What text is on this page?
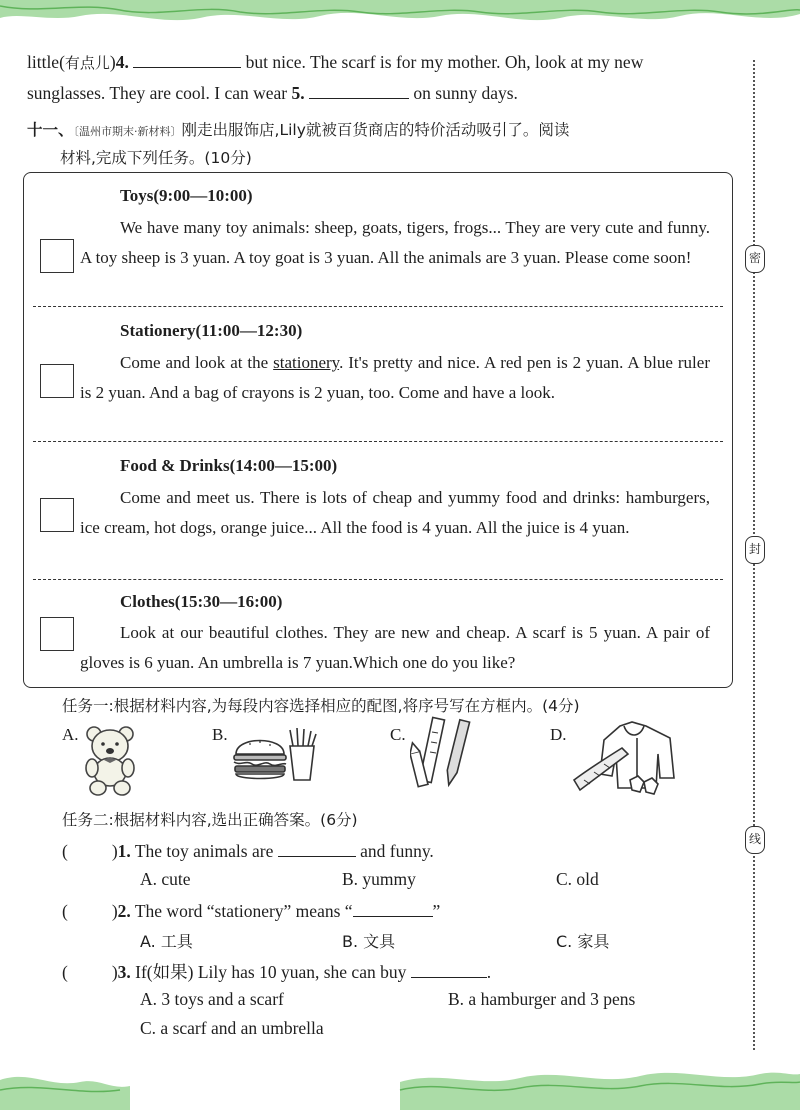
密
封
线
little(有点儿)4.	but nice. The scarf is for my mother. Oh, look at my new
sunglasses. They are cool. I can wear 5.	on sunny days.
十一、〔温州市期末·新材料〕刚走出服饰店,Lily就被百货商店的特价活动吸引了。阅读
材料,完成下列任务。(10分)
Toys(9:00—10:00)
We have many toy animals: sheep, goats, tigers, frogs... They are very cute and funny. A toy sheep is 3 yuan. A toy goat is 3 yuan. All the animals are 3 yuan. Please come soon!
Stationery(11:00—12:30)
Come and look at the stationery. It's pretty and nice. A red pen is 2 yuan. A blue ruler is 2 yuan. And a bag of crayons is 2 yuan, too. Come and have a look.
Food & Drinks(14:00—15:00)
Come and meet us. There is lots of cheap and yummy food and drinks: hamburgers, ice cream, hot dogs, orange juice... All the food is 4 yuan. All the juice is 4 yuan.
Clothes(15:30—16:00)
Look at our beautiful clothes. They are new and cheap. A scarf is 5 yuan. A pair of gloves is 6 yuan. An umbrella is 7 yuan.Which one do you like?
任务一:根据材料内容,为每段内容选择相应的配图,将序号写在方框内。(4分)
A.	B.	C.	D.
任务二:根据材料内容,选出正确答案。(6分)
(	)1. The toy animals are	and funny.
A. cute	B. yummy	C. old
(	)2. The word “stationery” means “	”
A. 工具	B. 文具	C. 家具
(	)3. If(如果) Lily has 10 yuan, she can buy	.
A. 3 toys and a scarf	B. a hamburger and 3 pens
C. a scarf and an umbrella
